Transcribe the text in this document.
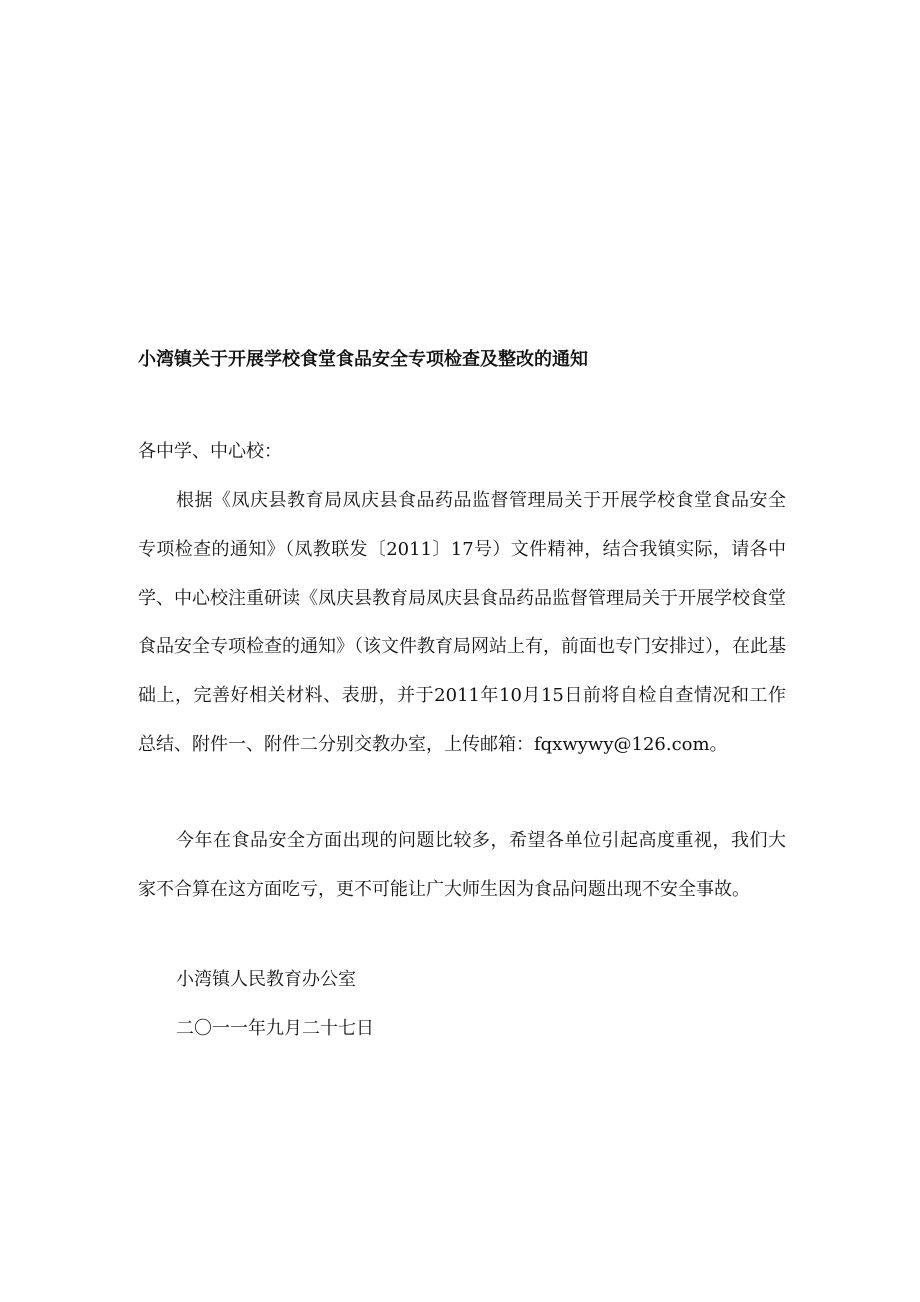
小湾镇关于开展学校食堂食品安全专项检查及整改的通知
各中学、中心校：
根据《凤庆县教育局凤庆县食品药品监督管理局关于开展学校食堂食品安全专项检查的通知》（凤教联发〔2011〕17号）文件精神，结合我镇实际，请各中学、中心校注重研读《凤庆县教育局凤庆县食品药品监督管理局关于开展学校食堂食品安全专项检查的通知》（该文件教育局网站上有，前面也专门安排过），在此基础上，完善好相关材料、表册，并于2011年10月15日前将自检自查情况和工作总结、附件一、附件二分别交教办室，上传邮箱：fqxwywy@126.com。
今年在食品安全方面出现的问题比较多，希望各单位引起高度重视，我们大家不合算在这方面吃亏，更不可能让广大师生因为食品问题出现不安全事故。
小湾镇人民教育办公室
二〇一一年九月二十七日
